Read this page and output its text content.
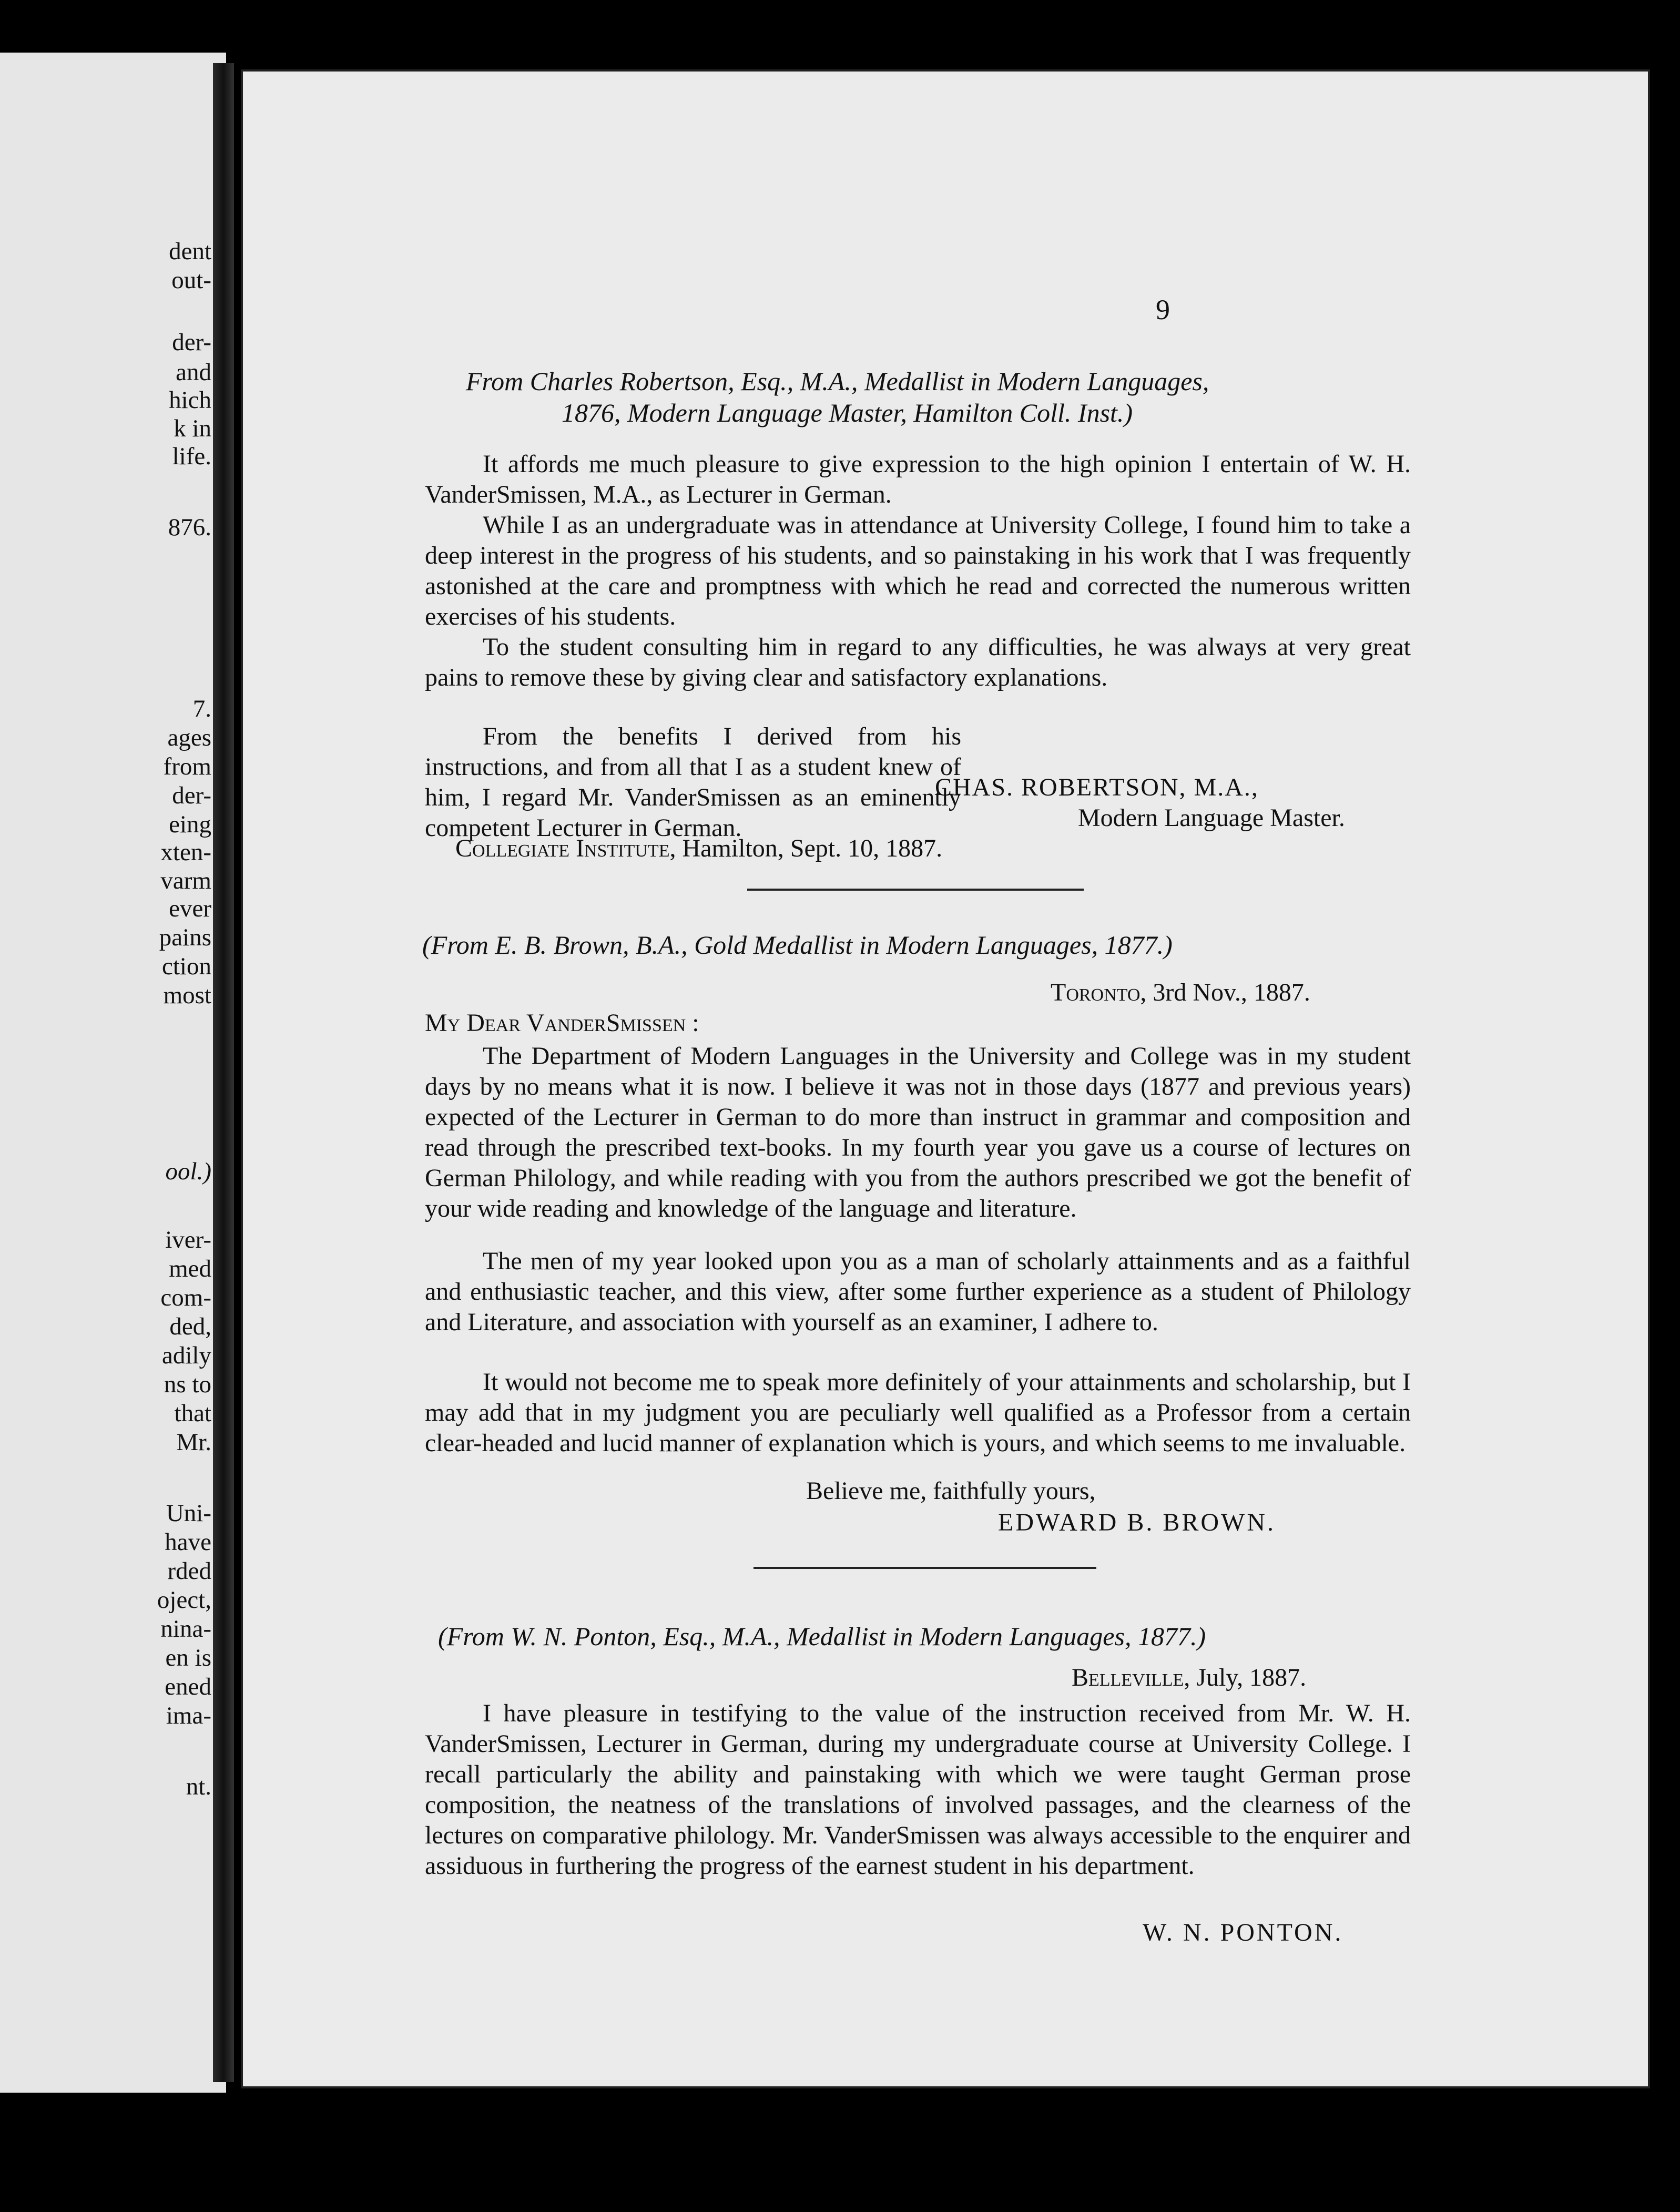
dent
out-
der-
and
hich
k in
life.
876.
7.
ages
from
der-
eing
xten-
varm
ever
pains
ction
most
ool.)
iver-
med
com-
ded,
adily
ns to
that
Mr.
Uni-
have
rded
oject,
nina-
en is
ened
ima-
nt.
9
From Charles Robertson, Esq., M.A., Medallist in Modern Languages,
1876, Modern Language Master, Hamilton Coll. Inst.)

It affords me much pleasure to give expression to the high opinion I entertain of W. H. VanderSmissen, M.A., as Lecturer in German.

While I as an undergraduate was in attendance at University College, I found him to take a deep interest in the progress of his students, and so painstaking in his work that I was frequently astonished at the care and promptness with which he read and corrected the numerous written exercises of his students.

To the student consulting him in regard to any difficulties, he was always at very great pains to remove these by giving clear and satisfactory explanations.

From the benefits I derived from his instructions, and from all that I as a student knew of him, I regard Mr. VanderSmissen as an eminently competent Lecturer in German.

CHAS. ROBERTSON, M.A.,
Modern Language Master.
Collegiate Institute, Hamilton, Sept. 10, 1887.
(From E. B. Brown, B.A., Gold Medallist in Modern Languages, 1877.)
Toronto, 3rd Nov., 1887.
My Dear VanderSmissen :

The Department of Modern Languages in the University and College was in my student days by no means what it is now. I believe it was not in those days (1877 and previous years) expected of the Lecturer in German to do more than instruct in grammar and composition and read through the prescribed text-books. In my fourth year you gave us a course of lectures on German Philology, and while reading with you from the authors prescribed we got the benefit of your wide reading and knowledge of the language and literature.

The men of my year looked upon you as a man of scholarly attainments and as a faithful and enthusiastic teacher, and this view, after some further experience as a student of Philology and Literature, and association with yourself as an examiner, I adhere to.

It would not become me to speak more definitely of your attainments and scholarship, but I may add that in my judgment you are peculiarly well qualified as a Professor from a certain clear-headed and lucid manner of explanation which is yours, and which seems to me invaluable.

Believe me, faithfully yours,
EDWARD B. BROWN.
(From W. N. Ponton, Esq., M.A., Medallist in Modern Languages, 1877.)
Belleville, July, 1887.

I have pleasure in testifying to the value of the instruction received from Mr. W. H. VanderSmissen, Lecturer in German, during my undergraduate course at University College. I recall particularly the ability and painstaking with which we were taught German prose composition, the neatness of the translations of involved passages, and the clearness of the lectures on comparative philology. Mr. VanderSmissen was always accessible to the enquirer and assiduous in furthering the progress of the earnest student in his department.

W. N. PONTON.
